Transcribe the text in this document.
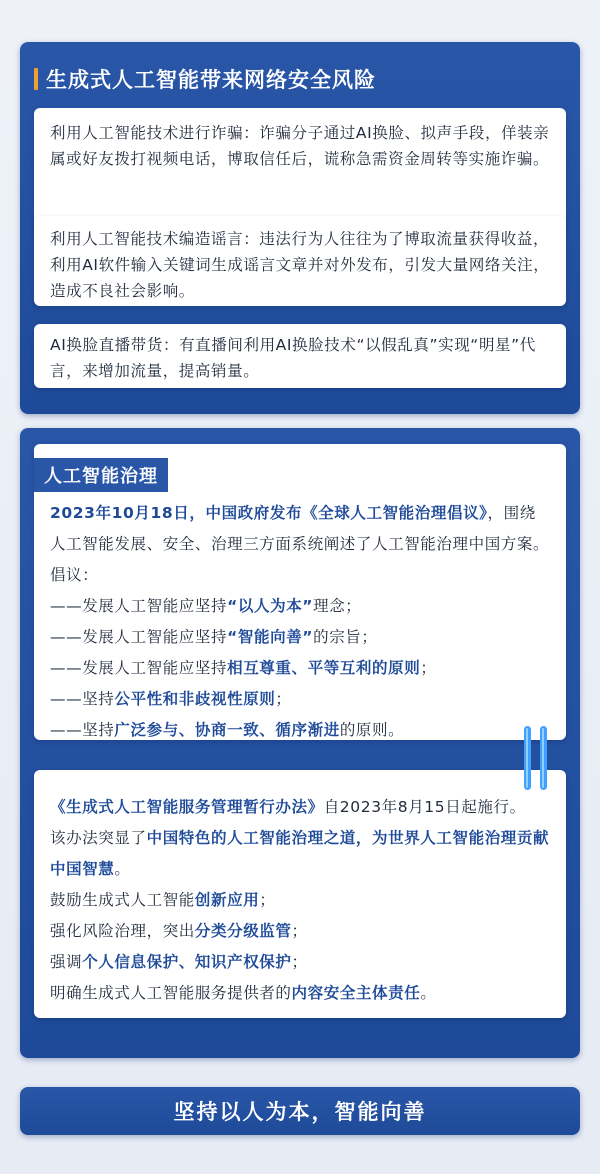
生成式人工智能带来网络安全风险

利用人工智能技术进行诈骗：诈骗分子通过AI换脸、拟声手段，佯装亲属或好友拨打视频电话，博取信任后，谎称急需资金周转等实施诈骗。

利用人工智能技术编造谣言：违法行为人往往为了博取流量获得收益，利用AI软件输入关键词生成谣言文章并对外发布，引发大量网络关注，造成不良社会影响。

AI换脸直播带货：有直播间利用AI换脸技术“以假乱真”实现“明星”代言，来增加流量，提高销量。

人工智能治理
2023年10月18日，中国政府发布《全球人工智能治理倡议》，围绕人工智能发展、安全、治理三方面系统阐述了人工智能治理中国方案。倡议：
——发展人工智能应坚持“以人为本”理念；
——发展人工智能应坚持“智能向善”的宗旨；
——发展人工智能应坚持相互尊重、平等互利的原则；
——坚持公平性和非歧视性原则；
——坚持广泛参与、协商一致、循序渐进的原则。
《生成式人工智能服务管理暂行办法》自2023年8月15日起施行。
该办法突显了中国特色的人工智能治理之道，为世界人工智能治理贡献中国智慧。
鼓励生成式人工智能创新应用；
强化风险治理，突出分类分级监管；
强调个人信息保护、知识产权保护；
明确生成式人工智能服务提供者的内容安全主体责任。
坚持以人为本，智能向善
